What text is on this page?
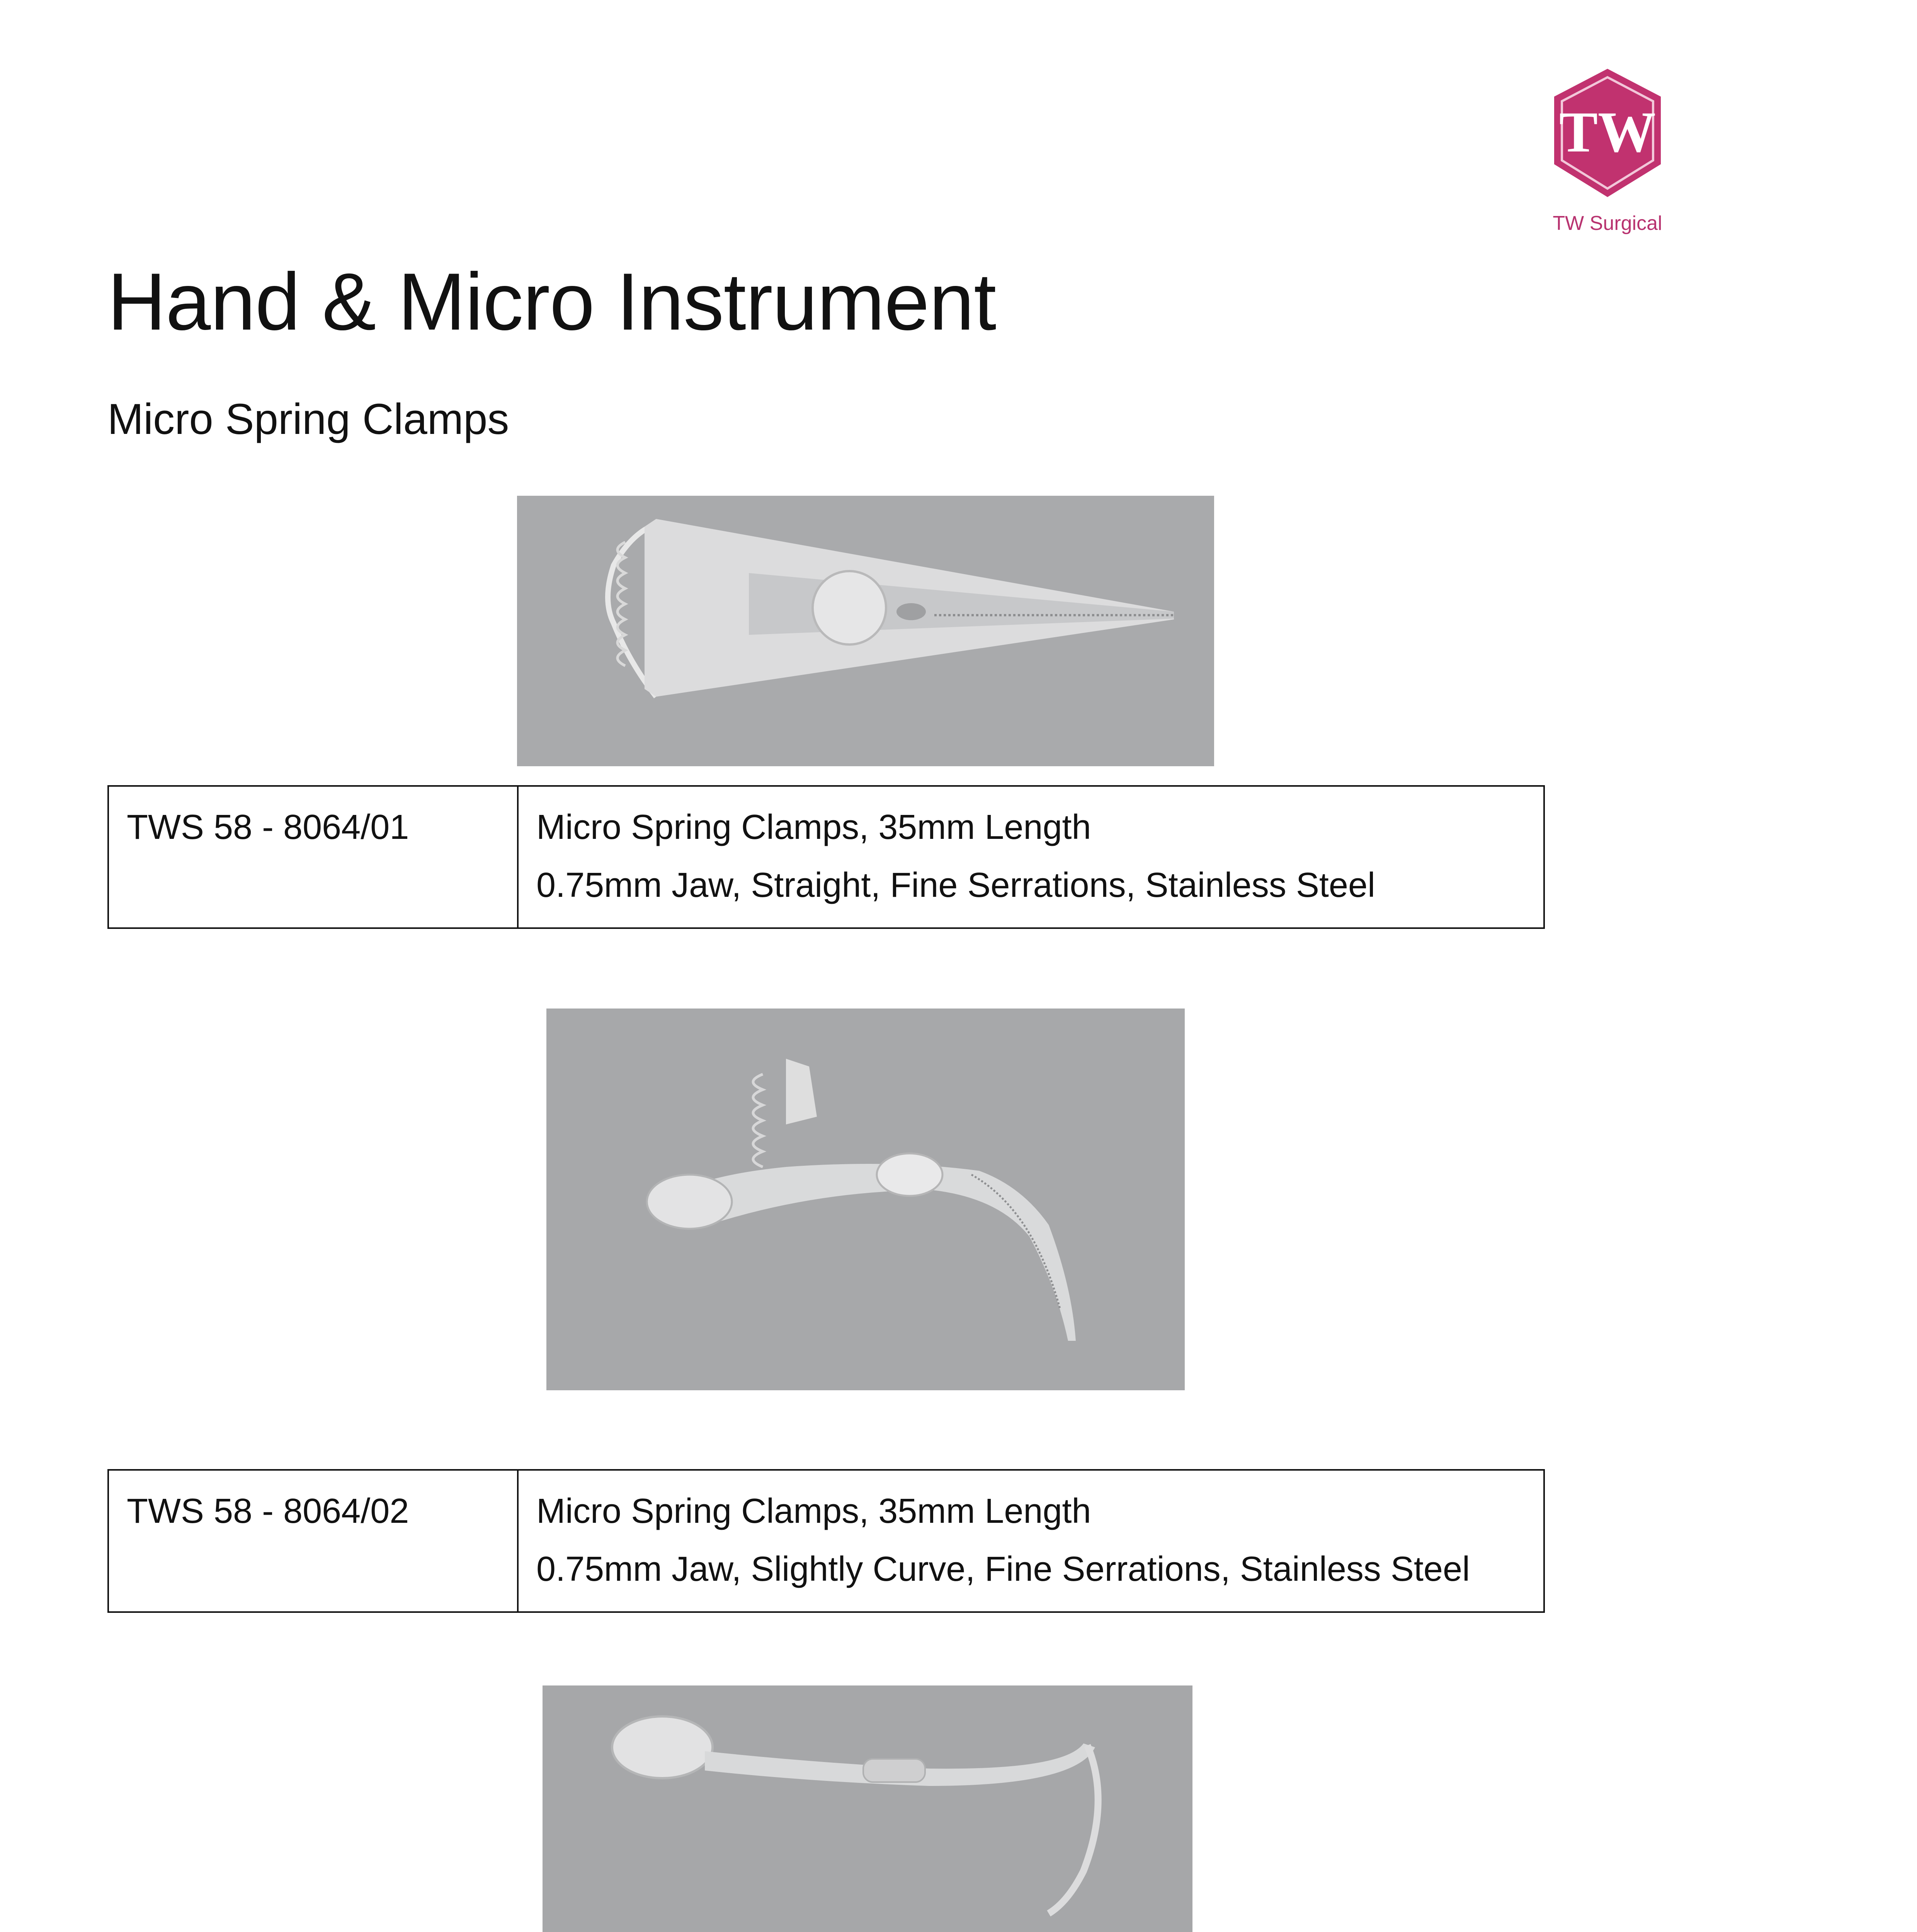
TW
TW Surgical
Hand & Micro Instrument
Micro Spring Clamps
TWS 58 - 8064/01	Micro Spring Clamps, 35mm Length
0.75mm Jaw, Straight, Fine Serrations, Stainless Steel
TWS 58 - 8064/02	Micro Spring Clamps, 35mm Length
0.75mm Jaw, Slightly Curve, Fine Serrations, Stainless Steel
